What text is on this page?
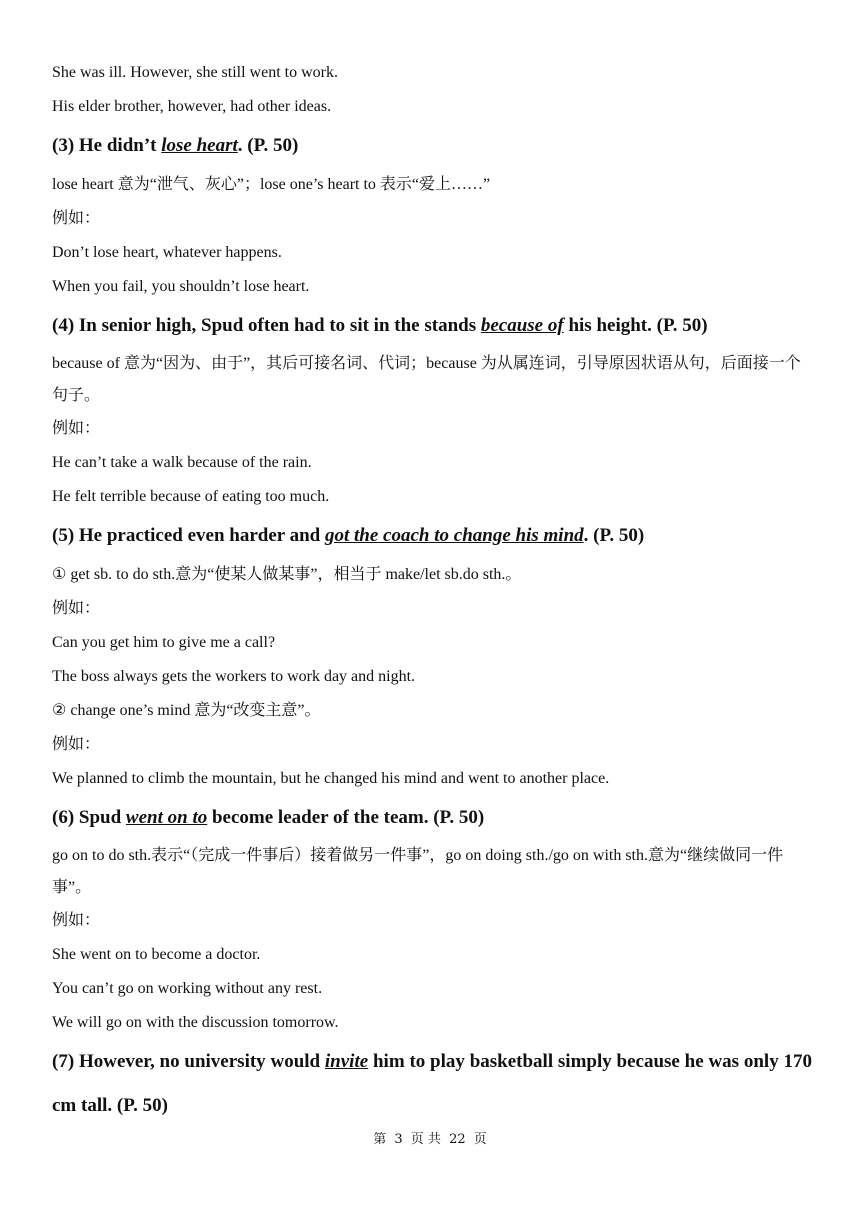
She was ill. However, she still went to work.

His elder brother, however, had other ideas.

(3) He didn’t lose heart. (P. 50)

lose heart 意为“泄气、灰心”；lose one’s heart to 表示“爱上……”

例如：

Don’t lose heart, whatever happens.

When you fail, you shouldn’t lose heart.

(4) In senior high, Spud often had to sit in the stands because of his height. (P. 50)

because of 意为“因为、由于”，其后可接名词、代词；because 为从属连词，引导原因状语从句，后面接一个句子。

例如：

He can’t take a walk because of the rain.

He felt terrible because of eating too much.

(5) He practiced even harder and got the coach to change his mind. (P. 50)

① get sb. to do sth.意为“使某人做某事”，相当于 make/let sb.do sth.。

例如：

Can you get him to give me a call?

The boss always gets the workers to work day and night.

② change one’s mind 意为“改变主意”。

例如：

We planned to climb the mountain, but he changed his mind and went to another place.

(6) Spud went on to become leader of the team. (P. 50)

go on to do sth.表示“（完成一件事后）接着做另一件事”，go on doing sth./go on with sth.意为“继续做同一件事”。

例如：

She went on to become a doctor.

You can’t go on working without any rest.

We will go on with the discussion tomorrow.

(7) However, no university would invite him to play basketball simply because he was only 170 cm tall. (P. 50)

第 3 页 共 22 页
